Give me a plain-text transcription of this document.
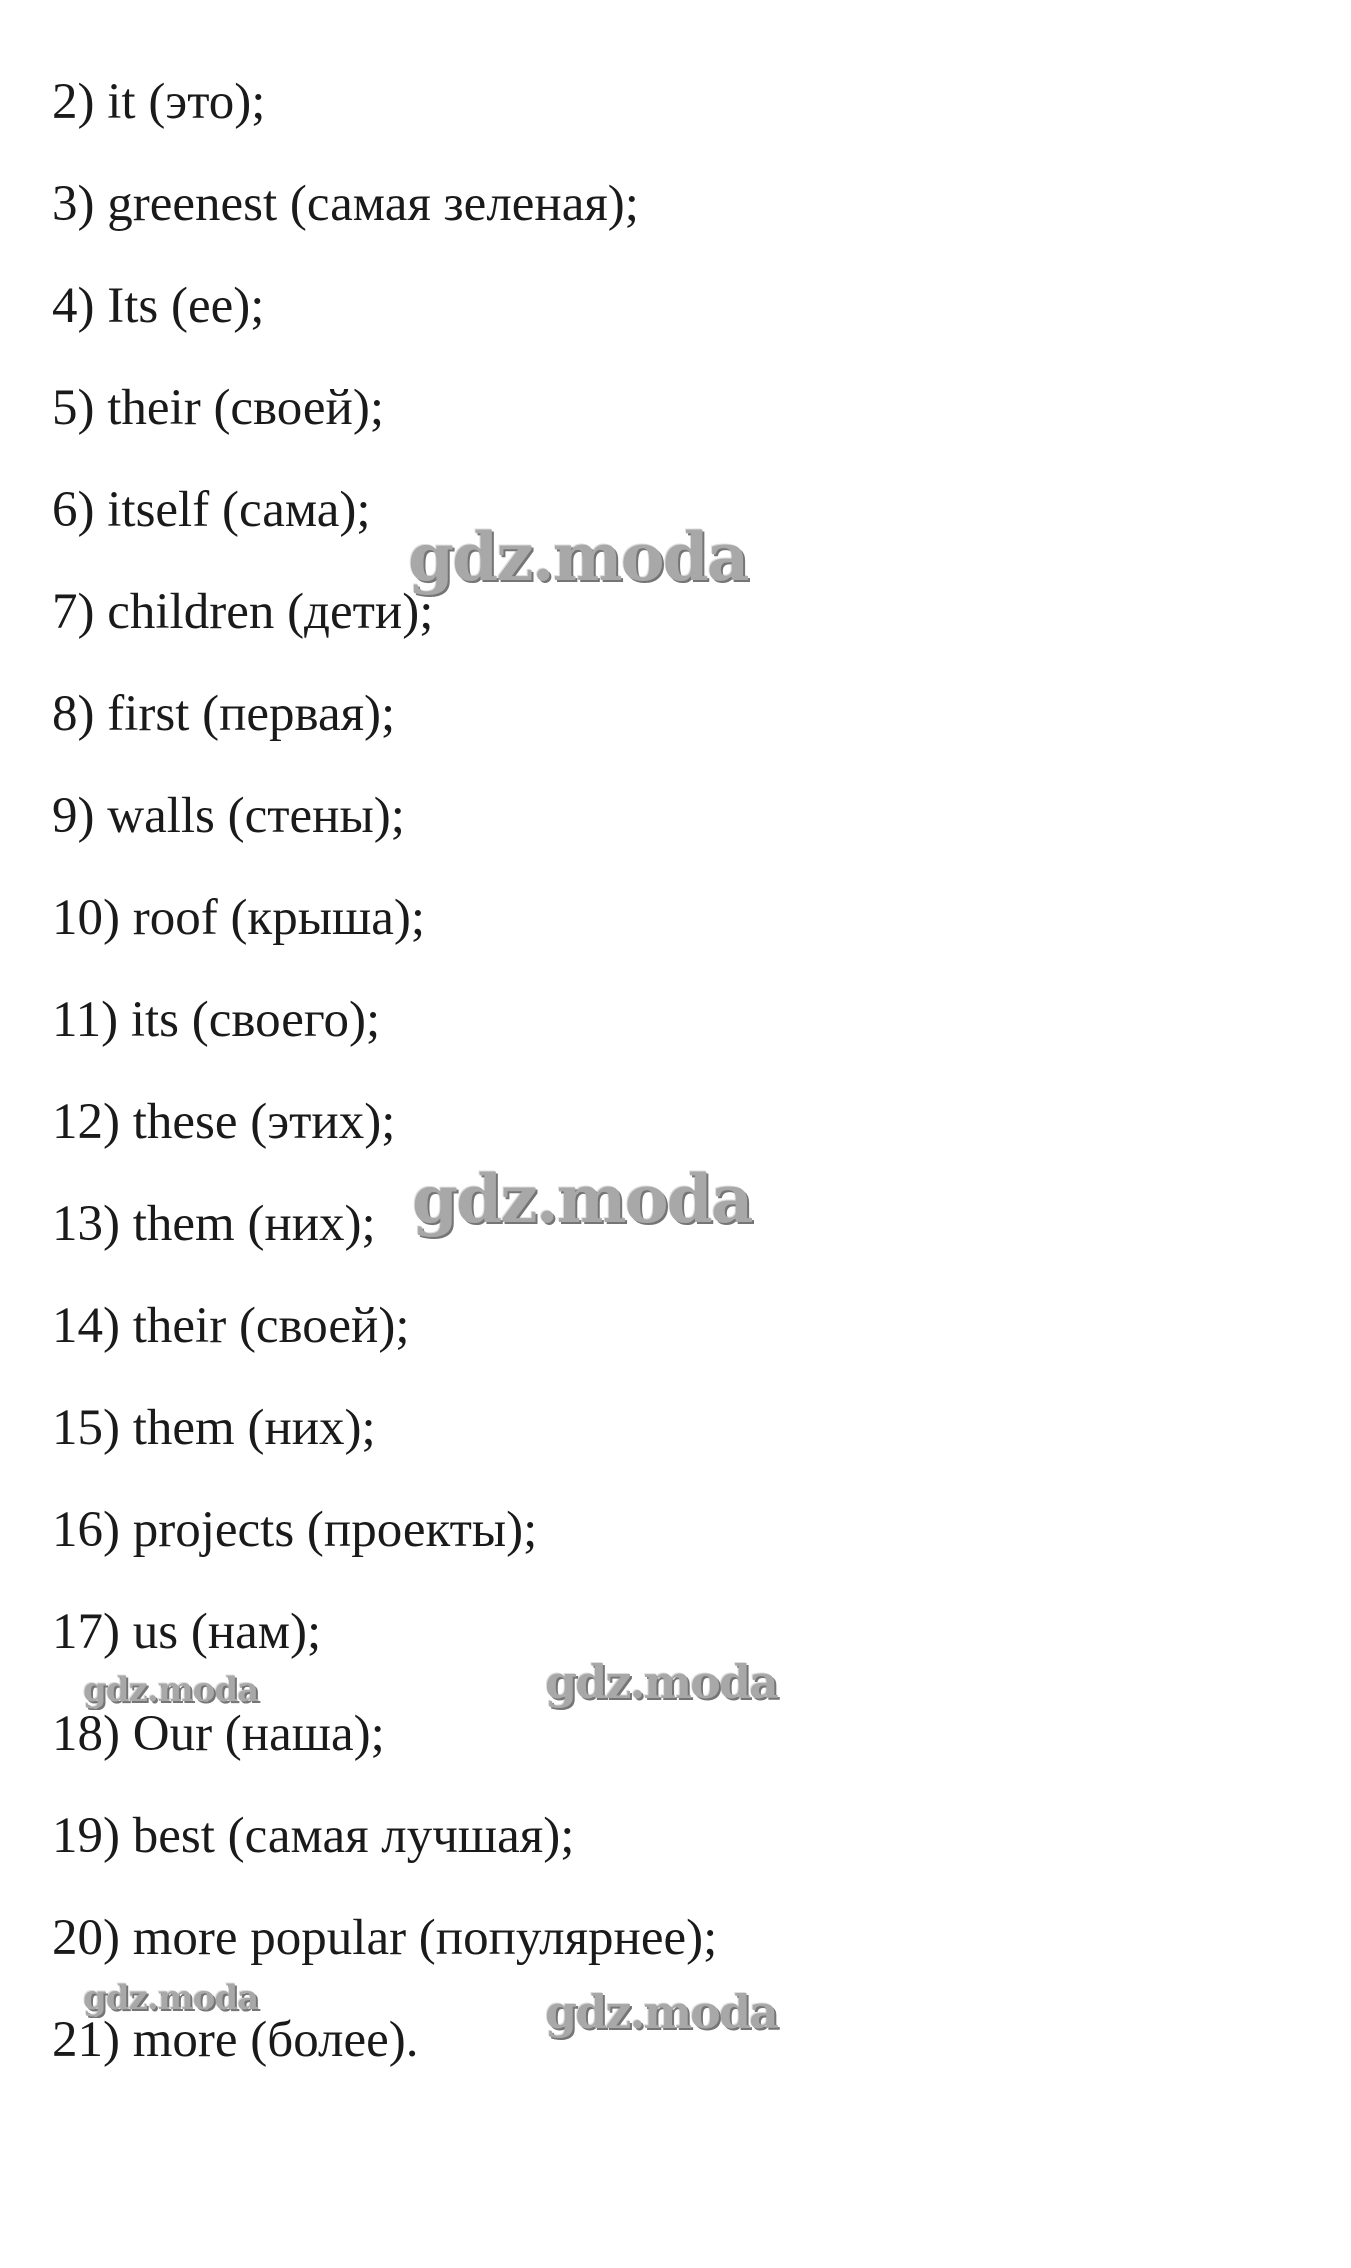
2) it (это);
3) greenest (самая зеленая);
4) Its (ее);
5) their (своей);
6) itself (сама);
7) children (дети);
8) first (первая);
9) walls (стены);
10) roof (крыша);
11) its (своего);
12) these (этих);
13) them (них);
14) their (своей);
15) them (них);
16) projects (проекты);
17) us (нам);
18) Our (наша);
19) best (самая лучшая);
20) more popular (популярнее);
21) more (более).
gdz.moda
gdz.moda
gdz.moda
gdz.moda
gdz.moda	gdz.moda
